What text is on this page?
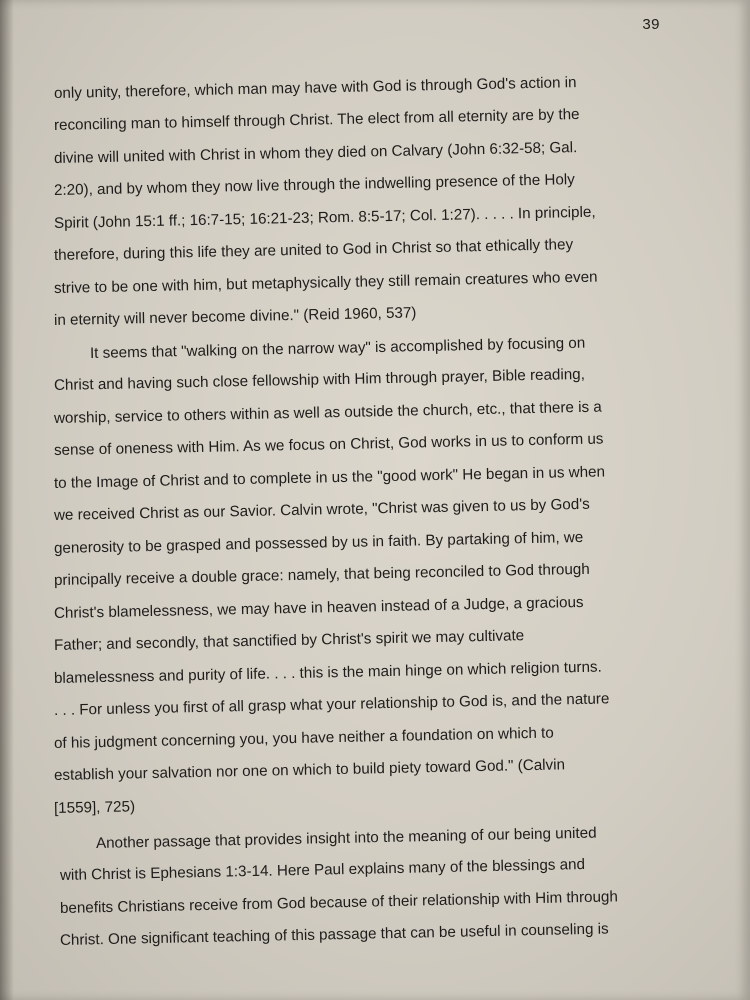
39
only unity, therefore, which man may have with God is through God's action in
reconciling man to himself through Christ. The elect from all eternity are by the
divine will united with Christ in whom they died on Calvary (John 6:32-58; Gal.
2:20), and by whom they now live through the indwelling presence of the Holy
Spirit (John 15:1 ff.; 16:7-15; 16:21-23; Rom. 8:5-17; Col. 1:27). . . . . In principle,
therefore, during this life they are united to God in Christ so that ethically they
strive to be one with him, but metaphysically they still remain creatures who even
in eternity will never become divine." (Reid 1960, 537)
It seems that "walking on the narrow way" is accomplished by focusing on
Christ and having such close fellowship with Him through prayer, Bible reading,
worship, service to others within as well as outside the church, etc., that there is a
sense of oneness with Him. As we focus on Christ, God works in us to conform us
to the Image of Christ and to complete in us the "good work" He began in us when
we received Christ as our Savior. Calvin wrote, "Christ was given to us by God's
generosity to be grasped and possessed by us in faith. By partaking of him, we
principally receive a double grace: namely, that being reconciled to God through
Christ's blamelessness, we may have in heaven instead of a Judge, a gracious
Father; and secondly, that sanctified by Christ's spirit we may cultivate
blamelessness and purity of life. . . . this is the main hinge on which religion turns.
. . . For unless you first of all grasp what your relationship to God is, and the nature
of his judgment concerning you, you have neither a foundation on which to
establish your salvation nor one on which to build piety toward God." (Calvin
[1559], 725)
Another passage that provides insight into the meaning of our being united
with Christ is Ephesians 1:3-14. Here Paul explains many of the blessings and
benefits Christians receive from God because of their relationship with Him through
Christ. One significant teaching of this passage that can be useful in counseling is
